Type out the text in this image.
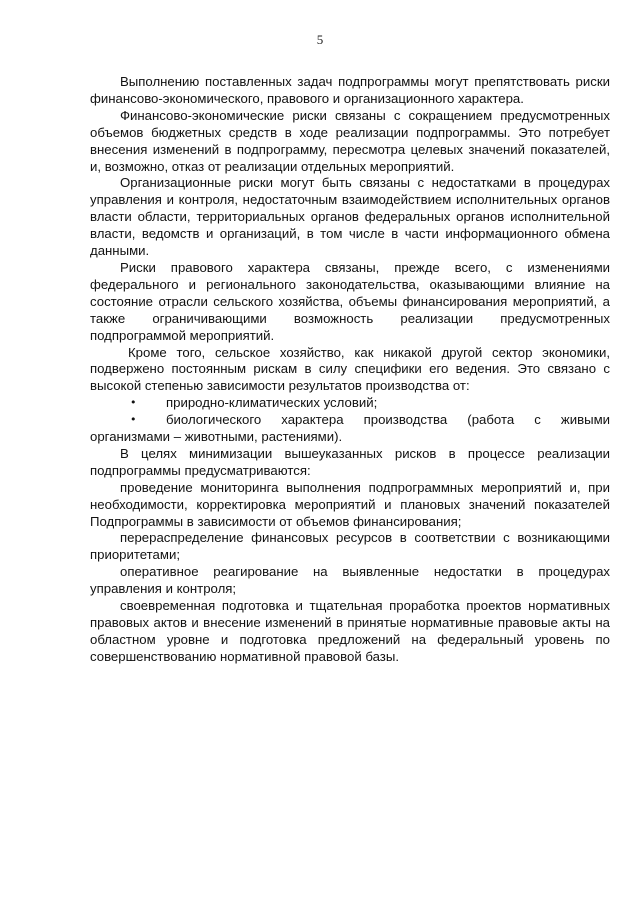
5

Выполнению поставленных задач подпрограммы могут препятствовать риски финансово-экономического, правового и организационного характера.

Финансово-экономические риски связаны с сокращением предусмотренных объемов бюджетных средств в ходе реализации подпрограммы. Это потребует внесения изменений в подпрограмму, пересмотра целевых значений показателей, и, возможно, отказ от реализации отдельных мероприятий.

Организационные риски могут быть связаны с недостатками в процедурах управления и контроля, недостаточным взаимодействием исполнительных органов власти области, территориальных органов федеральных органов исполнительной власти, ведомств и организаций, в том числе в части информационного обмена данными.

Риски правового характера связаны, прежде всего, с изменениями федерального и регионального законодательства, оказывающими влияние на состояние отрасли сельского хозяйства, объемы финансирования мероприятий, а также ограничивающими возможность реализации предусмотренных подпрограммой мероприятий.

Кроме того, сельское хозяйство, как никакой другой сектор экономики, подвержено постоянным рискам в силу специфики его ведения. Это связано с высокой степенью зависимости результатов производства от:

• природно-климатических условий;
• биологического характера производства (работа с живыми организмами – животными, растениями).

В целях минимизации вышеуказанных рисков в процессе реализации подпрограммы предусматриваются:

проведение мониторинга выполнения подпрограммных мероприятий и, при необходимости, корректировка мероприятий и плановых значений показателей Подпрограммы в зависимости от объемов финансирования;

перераспределение финансовых ресурсов в соответствии с возникающими приоритетами;

оперативное реагирование на выявленные недостатки в процедурах управления и контроля;

своевременная подготовка и тщательная проработка проектов нормативных правовых актов и внесение изменений в принятые нормативные правовые акты на областном уровне и подготовка предложений на федеральный уровень по совершенствованию нормативной правовой базы.
